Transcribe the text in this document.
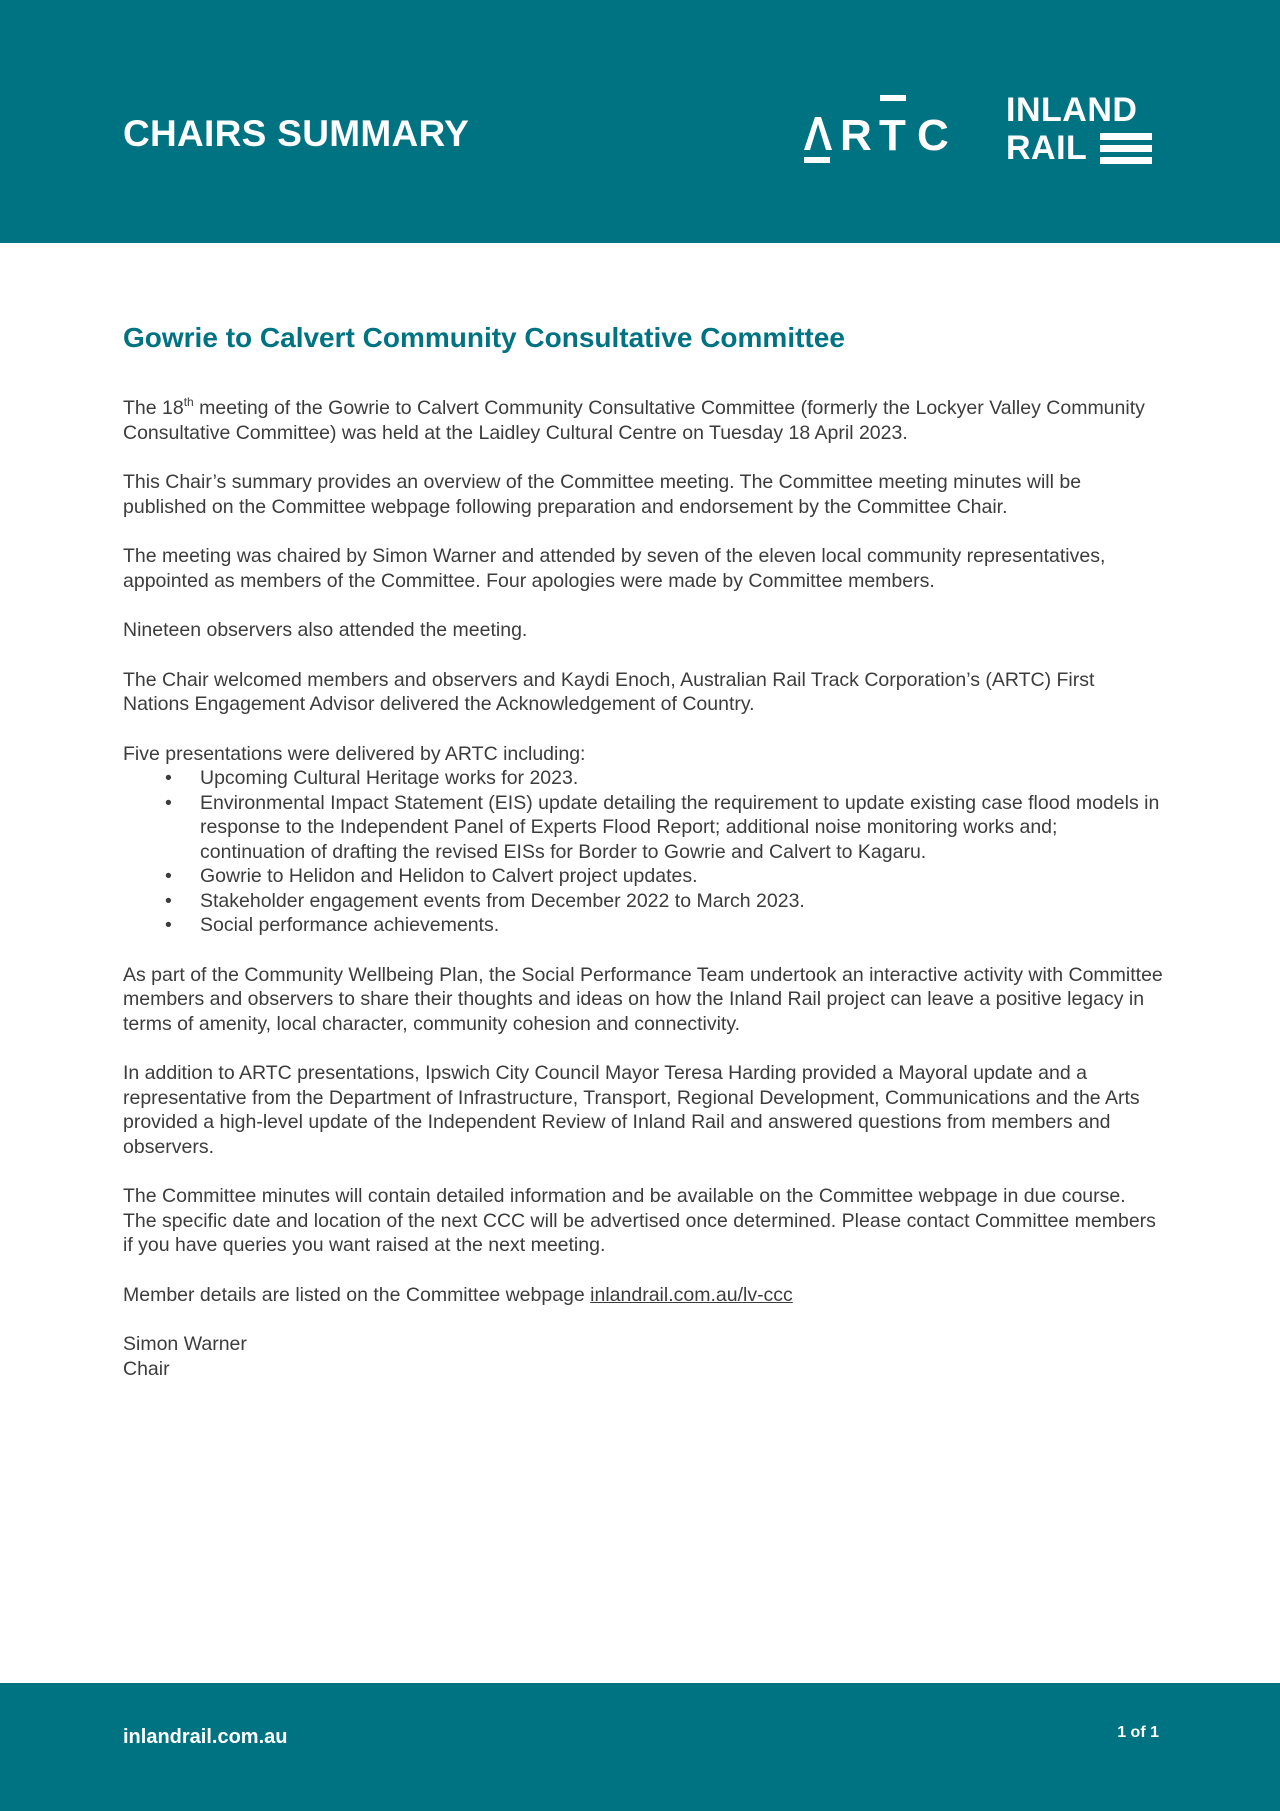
CHAIRS SUMMARY	R T C
INLAND
RAIL
Gowrie to Calvert Community Consultative Committee

The 18th meeting of the Gowrie to Calvert Community Consultative Committee (formerly the Lockyer Valley Community Consultative Committee) was held at the Laidley Cultural Centre on Tuesday 18 April 2023.

This Chair’s summary provides an overview of the Committee meeting. The Committee meeting minutes will be published on the Committee webpage following preparation and endorsement by the Committee Chair.

The meeting was chaired by Simon Warner and attended by seven of the eleven local community representatives, appointed as members of the Committee. Four apologies were made by Committee members.

Nineteen observers also attended the meeting.

The Chair welcomed members and observers and Kaydi Enoch, Australian Rail Track Corporation’s (ARTC) First Nations Engagement Advisor delivered the Acknowledgement of Country.

Five presentations were delivered by ARTC including:

• Upcoming Cultural Heritage works for 2023.
• Environmental Impact Statement (EIS) update detailing the requirement to update existing case flood models in response to the Independent Panel of Experts Flood Report; additional noise monitoring works and; continuation of drafting the revised EISs for Border to Gowrie and Calvert to Kagaru.
• Gowrie to Helidon and Helidon to Calvert project updates.
• Stakeholder engagement events from December 2022 to March 2023.
• Social performance achievements.

As part of the Community Wellbeing Plan, the Social Performance Team undertook an interactive activity with Committee members and observers to share their thoughts and ideas on how the Inland Rail project can leave a positive legacy in terms of amenity, local character, community cohesion and connectivity.

In addition to ARTC presentations, Ipswich City Council Mayor Teresa Harding provided a Mayoral update and a representative from the Department of Infrastructure, Transport, Regional Development, Communications and the Arts provided a high-level update of the Independent Review of Inland Rail and answered questions from members and observers.

The Committee minutes will contain detailed information and be available on the Committee webpage in due course. The specific date and location of the next CCC will be advertised once determined. Please contact Committee members if you have queries you want raised at the next meeting.

Member details are listed on the Committee webpage inlandrail.com.au/lv-ccc

Simon Warner
Chair

inlandrail.com.au	1 of 1
